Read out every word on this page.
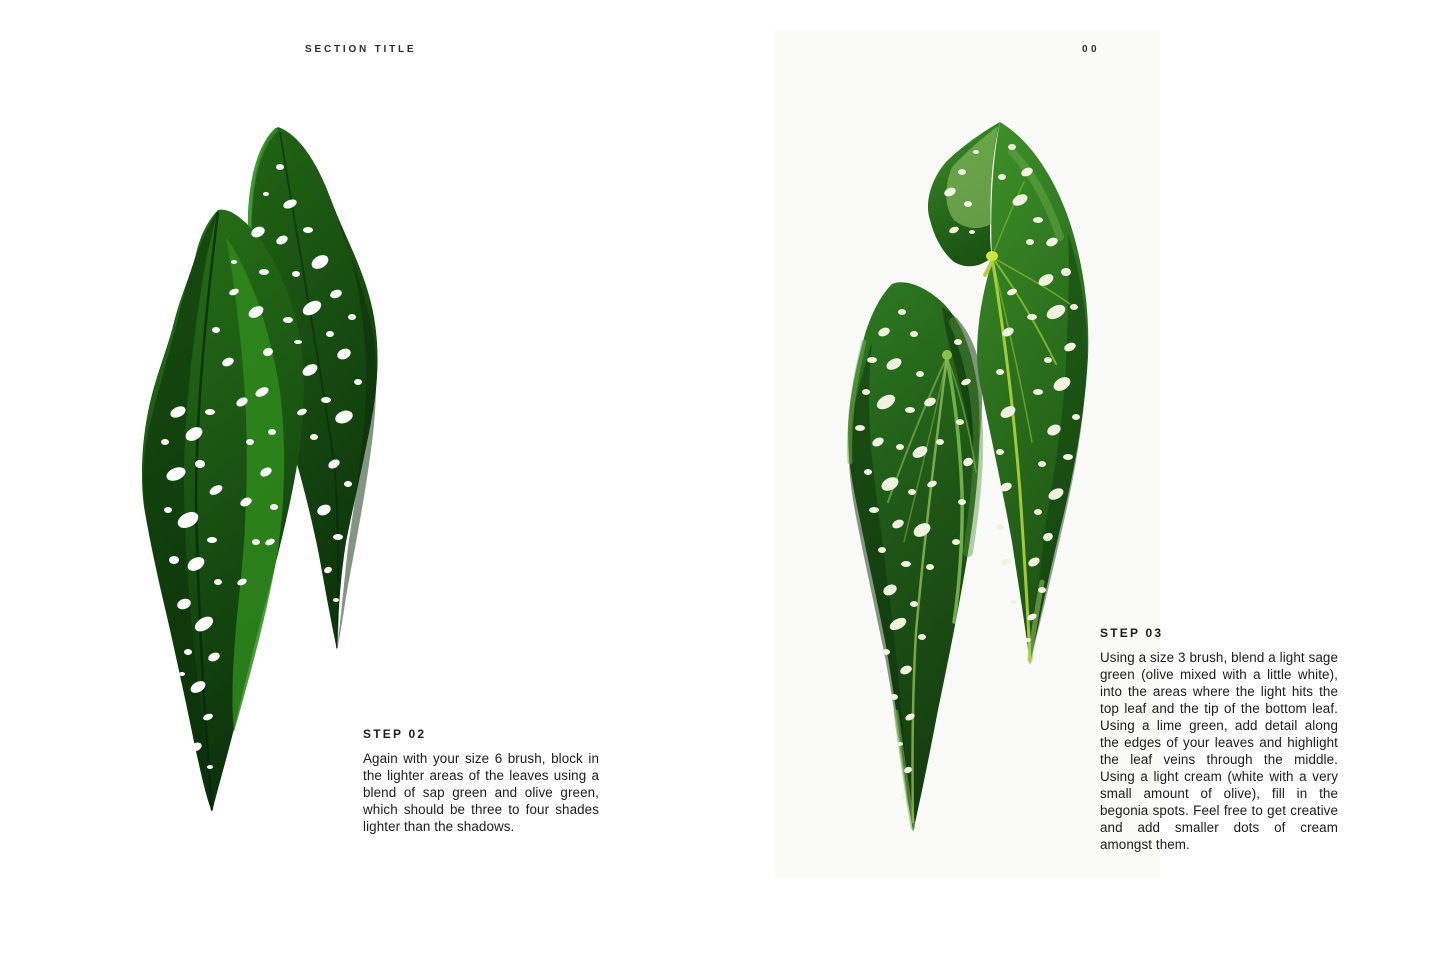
SECTION TITLE
STEP 02

Again with your size 6 brush, block in the lighter areas of the leaves using a blend of sap green and olive green, which should be three to four shades lighter than the shadows.

00
STEP 03

Using a size 3 brush, blend a light sage green (olive mixed with a little white), into the areas where the light hits the top leaf and the tip of the bottom leaf. Using a lime green, add detail along the edges of your leaves and highlight the leaf veins through the middle. Using a light cream (white with a very small amount of olive), fill in the begonia spots. Feel free to get creative and add smaller dots of cream amongst them.
